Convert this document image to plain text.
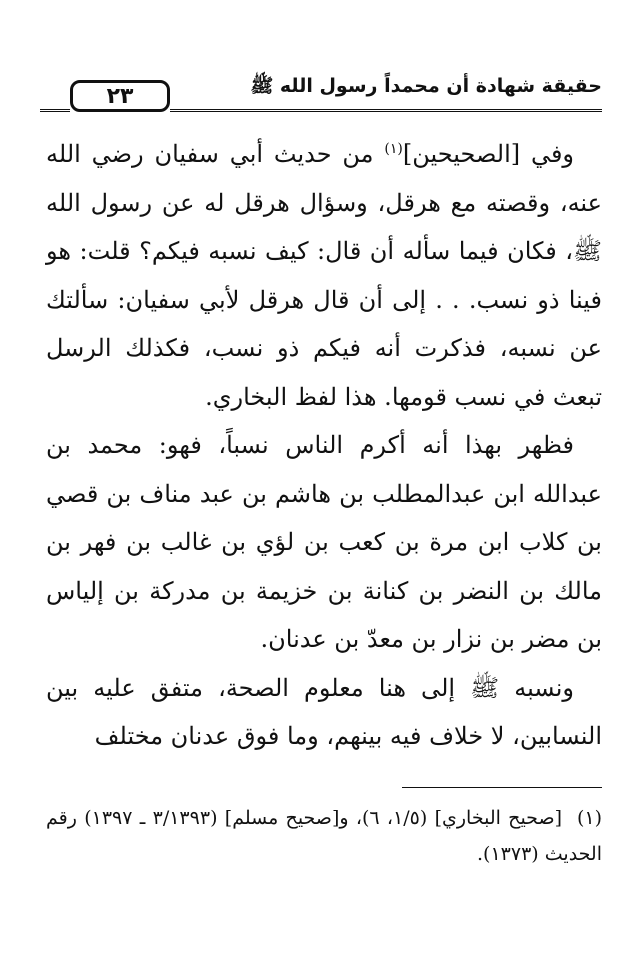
٢٣	حقيقة شهادة أن محمداً رسول الله ﷺ

وفي [الصحيحين]$^{(١)}$ من حديث أبي سفيان رضي الله عنه، وقصته مع هرقل، وسؤال هرقل له عن رسول الله ﷺ، فكان فيما سأله أن قال: كيف نسبه فيكم؟ قلت: هو فينا ذو نسب. . . إلى أن قال هرقل لأبي سفيان: سألتك عن نسبه، فذكرت أنه فيكم ذو نسب، فكذلك الرسل تبعث في نسب قومها. هذا لفظ البخاري.

فظهر بهذا أنه أكرم الناس نسباً، فهو: محمد بن عبدالله ابن عبدالمطلب بن هاشم بن عبد مناف بن قصي بن كلاب ابن مرة بن كعب بن لؤي بن غالب بن فهر بن مالك بن النضر بن كنانة بن خزيمة بن مدركة بن إلياس بن مضر بن نزار بن معدّ بن عدنان.

ونسبه ﷺ إلى هنا معلوم الصحة، متفق عليه بين النسابين، لا خلاف فيه بينهم، وما فوق عدنان مختلف

(١)[صحيح البخاري] (١/٥، ٦)، و[صحيح مسلم] (٣/١٣٩٣ ـ ١٣٩٧) رقم الحديث (١٣٧٣).
